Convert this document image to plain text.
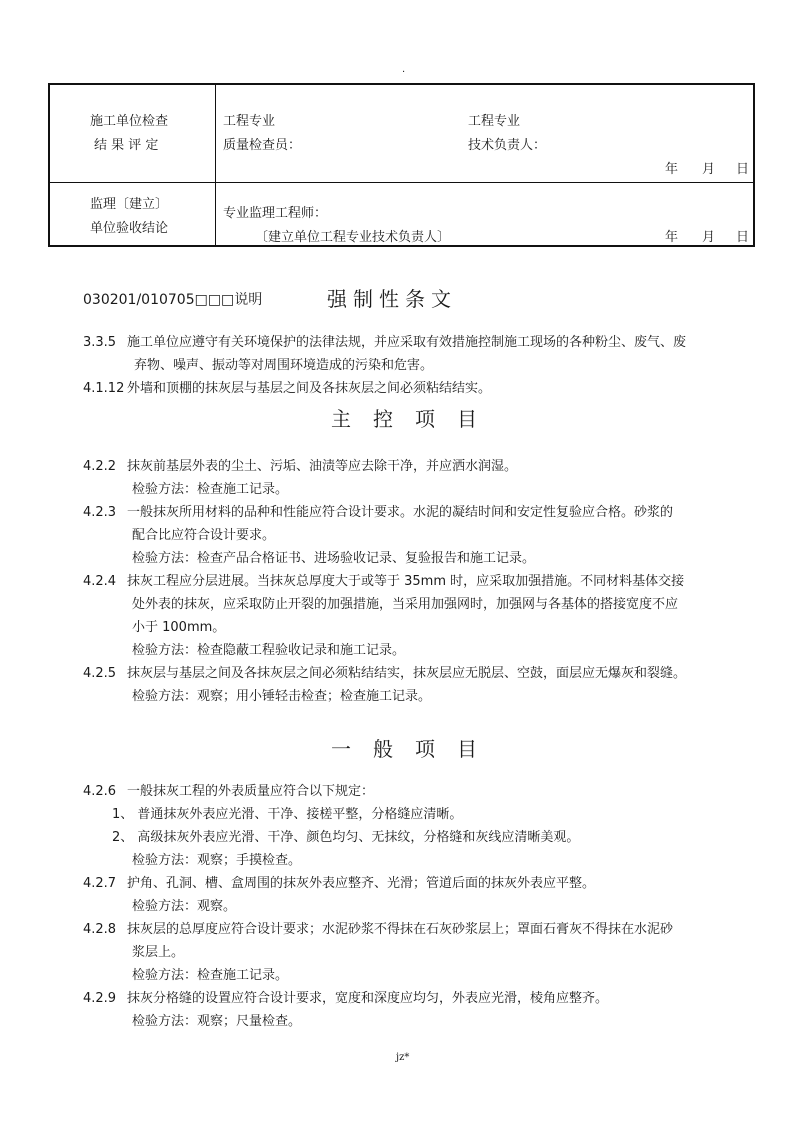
.
施工单位检查
结 果 评 定
工程专业
质量检查员：
工程专业
技术负责人：
年 月 日
监理〔建立〕
单位验收结论
专业监理工程师：
〔建立单位工程专业技术负责人〕	年 月 日
030201/010705□□□说明	强制性条文
3.3.5 施工单位应遵守有关环境保护的法律法规，并应采取有效措施控制施工现场的各种粉尘、废气、废
弃物、噪声、振动等对周围环境造成的污染和危害。
4.1.12 外墙和顶棚的抹灰层与基层之间及各抹灰层之间必须粘结结实。
主控项目
4.2.2 抹灰前基层外表的尘土、污垢、油渍等应去除干净，并应洒水润湿。
检验方法：检查施工记录。
4.2.3 一般抹灰所用材料的品种和性能应符合设计要求。水泥的凝结时间和安定性复验应合格。砂浆的
配合比应符合设计要求。
检验方法：检查产品合格证书、进场验收记录、复验报告和施工记录。
4.2.4 抹灰工程应分层进展。当抹灰总厚度大于或等于 35mm 时，应采取加强措施。不同材料基体交接
处外表的抹灰，应采取防止开裂的加强措施，当采用加强网时，加强网与各基体的搭接宽度不应
小于 100mm。
检验方法：检查隐蔽工程验收记录和施工记录。
4.2.5 抹灰层与基层之间及各抹灰层之间必须粘结结实，抹灰层应无脱层、空鼓，面层应无爆灰和裂缝。
检验方法：观察；用小锤轻击检查；检查施工记录。
一般项目
4.2.6 一般抹灰工程的外表质量应符合以下规定：
1、 普通抹灰外表应光滑、干净、接槎平整，分格缝应清晰。
2、 高级抹灰外表应光滑、干净、颜色均匀、无抹纹，分格缝和灰线应清晰美观。
检验方法：观察；手摸检查。
4.2.7 护角、孔洞、槽、盒周围的抹灰外表应整齐、光滑；管道后面的抹灰外表应平整。
检验方法：观察。
4.2.8 抹灰层的总厚度应符合设计要求；水泥砂浆不得抹在石灰砂浆层上；罩面石膏灰不得抹在水泥砂
浆层上。
检验方法：检查施工记录。
4.2.9 抹灰分格缝的设置应符合设计要求，宽度和深度应均匀，外表应光滑，棱角应整齐。
检验方法：观察；尺量检查。
jz*
